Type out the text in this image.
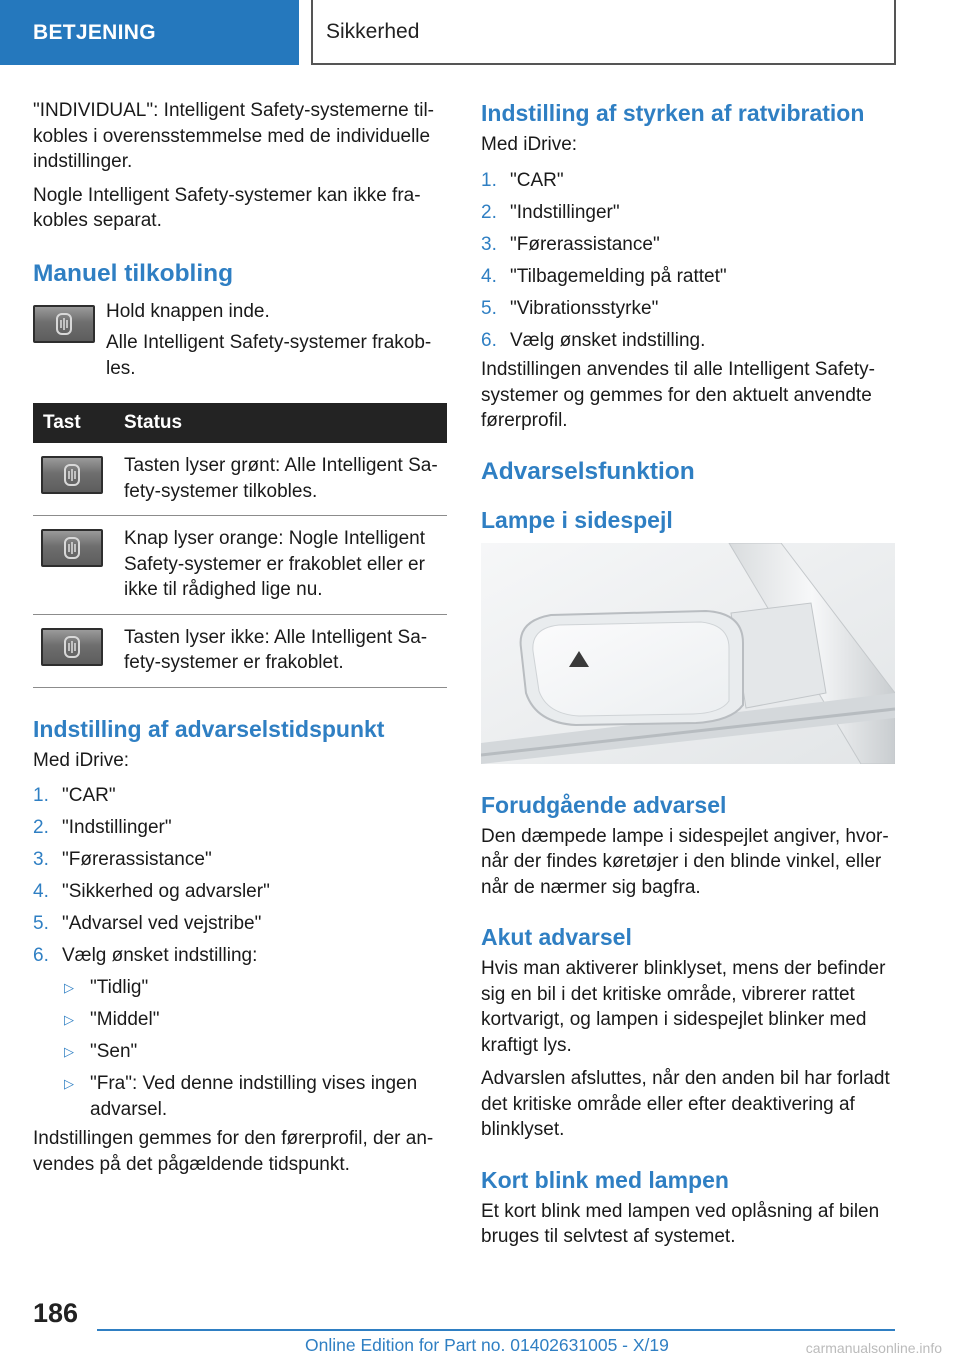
BETJENING	Sikkerhed

"INDIVIDUAL": Intelligent Safety-systemerne til-kobles i overensstemmelse med de individuelle indstillinger.

Nogle Intelligent Safety-systemer kan ikke fra-kobles separat.

Manuel tilkobling

Hold knappen inde.

Alle Intelligent Safety-systemer frakob-les.

Tast	Status

	Tasten lyser grønt: Alle Intelligent Sa-fety-systemer tilkobles.

	Knap lyser orange: Nogle Intelligent Safety-systemer er frakoblet eller er ikke til rådighed lige nu.

	Tasten lyser ikke: Alle Intelligent Sa-fety-systemer er frakoblet.
Indstilling af advarselstidspunkt

Med iDrive:

1. "CAR"
2. "Indstillinger"
3. "Førerassistance"
4. "Sikkerhed og advarsler"
5. "Advarsel ved vejstribe"
6. Vælg ønsket indstilling:
▷ "Tidlig"
▷ "Middel"
▷ "Sen"
▷ "Fra": Ved denne indstilling vises ingen advarsel.

Indstillingen gemmes for den førerprofil, der an-vendes på det pågældende tidspunkt.

Indstilling af styrken af ratvibration

Med iDrive:

1. "CAR"
2. "Indstillinger"
3. "Førerassistance"
4. "Tilbagemelding på rattet"
5. "Vibrationsstyrke"
6. Vælg ønsket indstilling.

Indstillingen anvendes til alle Intelligent Safety-systemer og gemmes for den aktuelt anvendte førerprofil.

Advarselsfunktion
Lampe i sidespejl
Forudgående advarsel

Den dæmpede lampe i sidespejlet angiver, hvor-når der findes køretøjer i den blinde vinkel, eller når de nærmer sig bagfra.

Akut advarsel

Hvis man aktiverer blinklyset, mens der befinder sig en bil i det kritiske område, vibrerer rattet kortvarigt, og lampen i sidespejlet blinker med kraftigt lys.

Advarslen afsluttes, når den anden bil har forladt det kritiske område eller efter deaktivering af blinklyset.

Kort blink med lampen

Et kort blink med lampen ved oplåsning af bilen bruges til selvtest af systemet.

186
Online Edition for Part no. 01402631005 - X/19	carmanualsonline.info
